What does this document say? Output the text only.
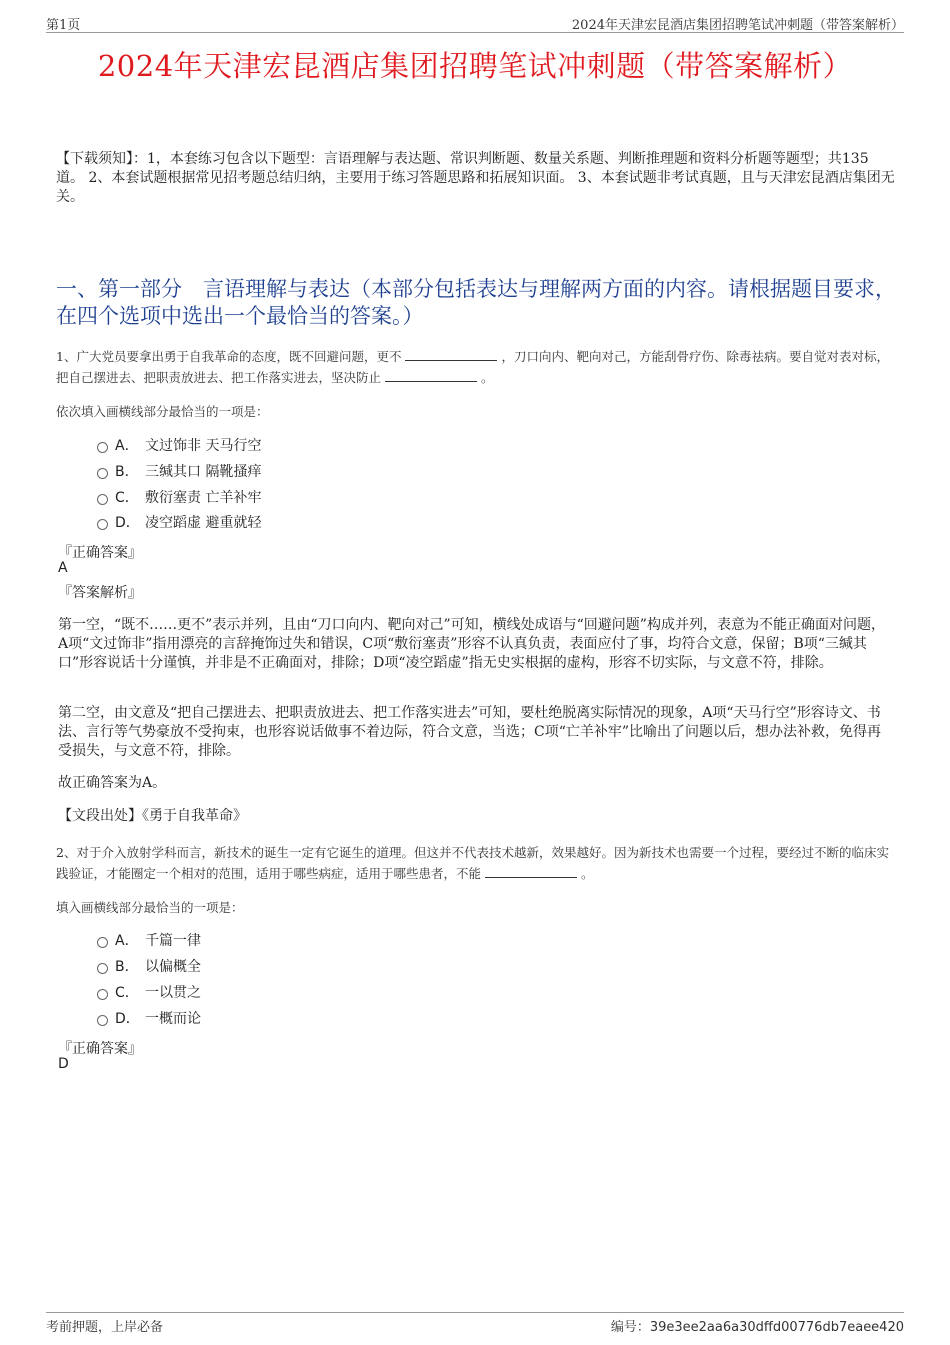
第1页	2024年天津宏昆酒店集团招聘笔试冲刺题（带答案解析）
2024年天津宏昆酒店集团招聘笔试冲刺题（带答案解析）
【下载须知】：1，本套练习包含以下题型：言语理解与表达题、常识判断题、数量关系题、判断推理题和资料分析题等题型；共135道。 2、本套试题根据常见招考题总结归纳，主要用于练习答题思路和拓展知识面。 3、本套试题非考试真题，且与天津宏昆酒店集团无关。
一、第一部分　言语理解与表达（本部分包括表达与理解两方面的内容。请根据题目要求，在四个选项中选出一个最恰当的答案。）
1、广大党员要拿出勇于自我革命的态度，既不回避问题，更不	，刀口向内、靶向对己，方能刮骨疗伤、除毒祛病。要自觉对表对标，把自己摆进去、把职责放进去、把工作落实进去，坚决防止	。
依次填入画横线部分最恰当的一项是：
A． 文过饰非 天马行空
B． 三缄其口 隔靴搔痒
C． 敷衍塞责 亡羊补牢
D． 凌空蹈虚 避重就轻
『正确答案』
A
『答案解析』
第一空，“既不……更不”表示并列，且由“刀口向内、靶向对己”可知，横线处成语与“回避问题”构成并列，表意为不能正确面对问题，A项“文过饰非”指用漂亮的言辞掩饰过失和错误，C项“敷衍塞责”形容不认真负责，表面应付了事，均符合文意，保留；B项“三缄其口”形容说话十分谨慎，并非是不正确面对，排除；D项“凌空蹈虚”指无史实根据的虚构，形容不切实际，与文意不符，排除。
第二空，由文意及“把自己摆进去、把职责放进去、把工作落实进去”可知，要杜绝脱离实际情况的现象，A项“天马行空”形容诗文、书法、言行等气势豪放不受拘束，也形容说话做事不着边际，符合文意，当选；C项“亡羊补牢”比喻出了问题以后，想办法补救，免得再受损失，与文意不符，排除。
故正确答案为A。
【文段出处】《勇于自我革命》
2、对于介入放射学科而言，新技术的诞生一定有它诞生的道理。但这并不代表技术越新，效果越好。因为新技术也需要一个过程，要经过不断的临床实践验证，才能圈定一个相对的范围，适用于哪些病症，适用于哪些患者，不能	。
填入画横线部分最恰当的一项是：
A． 千篇一律
B． 以偏概全
C． 一以贯之
D． 一概而论
『正确答案』
D
考前押题，上岸必备	编号：39e3ee2aa6a30dffd00776db7eaee420
